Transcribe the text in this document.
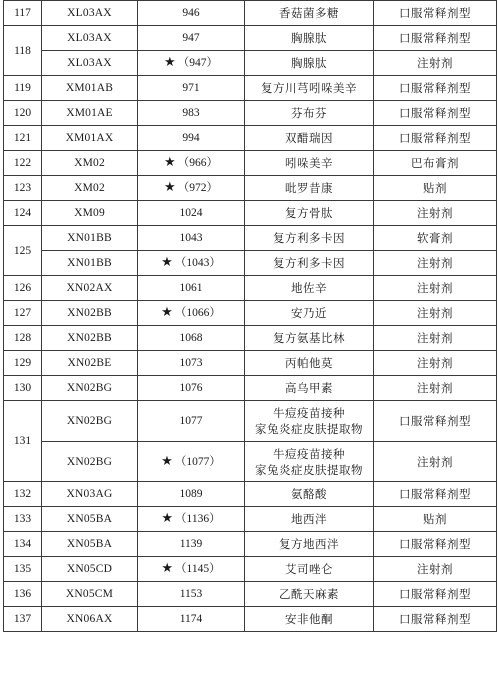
117	XL03AX	946	香菇菌多糖	口服常释剂型
118	XL03AX	947	胸腺肽	口服常释剂型
	XL03AX	★ （947）	胸腺肽	注射剂
119	XM01AB	971	复方川芎吲哚美辛	口服常释剂型
120	XM01AE	983	芬布芬	口服常释剂型
121	XM01AX	994	双醋瑞因	口服常释剂型
122	XM02	★ （966）	吲哚美辛	巴布膏剂
123	XM02	★ （972）	吡罗昔康	贴剂
124	XM09	1024	复方骨肽	注射剂
125	XN01BB	1043	复方利多卡因	软膏剂
	XN01BB	★ （1043）	复方利多卡因	注射剂
126	XN02AX	1061	地佐辛	注射剂
127	XN02BB	★ （1066）	安乃近	注射剂
128	XN02BB	1068	复方氨基比林	注射剂
129	XN02BE	1073	丙帕他莫	注射剂
130	XN02BG	1076	高乌甲素	注射剂
131	XN02BG	1077	牛痘疫苗接种
家兔炎症皮肤提取物	口服常释剂型
	XN02BG	★ （1077）	牛痘疫苗接种
家兔炎症皮肤提取物	注射剂
132	XN03AG	1089	氨酪酸	口服常释剂型
133	XN05BA	★ （1136）	地西泮	贴剂
134	XN05BA	1139	复方地西泮	口服常释剂型
135	XN05CD	★ （1145）	艾司唑仑	注射剂
136	XN05CM	1153	乙酰天麻素	口服常释剂型
137	XN06AX	1174	安非他酮	口服常释剂型
